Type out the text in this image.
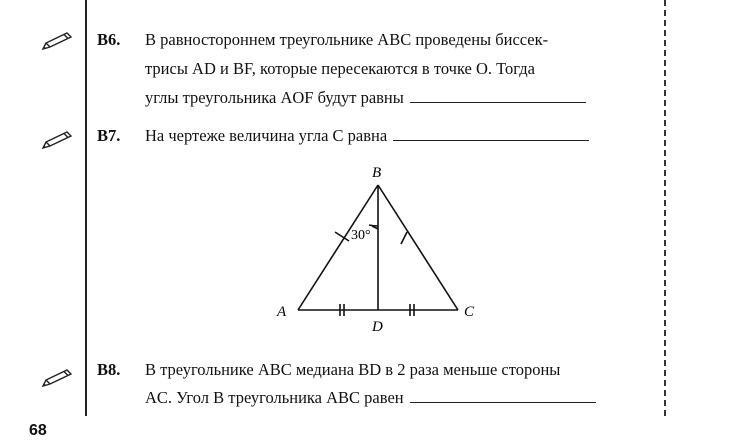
B6. В равностороннем треугольнике ABC проведены биссек-
трисы AD и BF, которые пересекаются в точке O. Тогда
углы треугольника AOF будут равны
B7. На чертеже величина угла C равна
B
A	C
D
30°
B8. В треугольнике ABC медиана BD в 2 раза меньше стороны
AC. Угол B треугольника ABC равен
68
